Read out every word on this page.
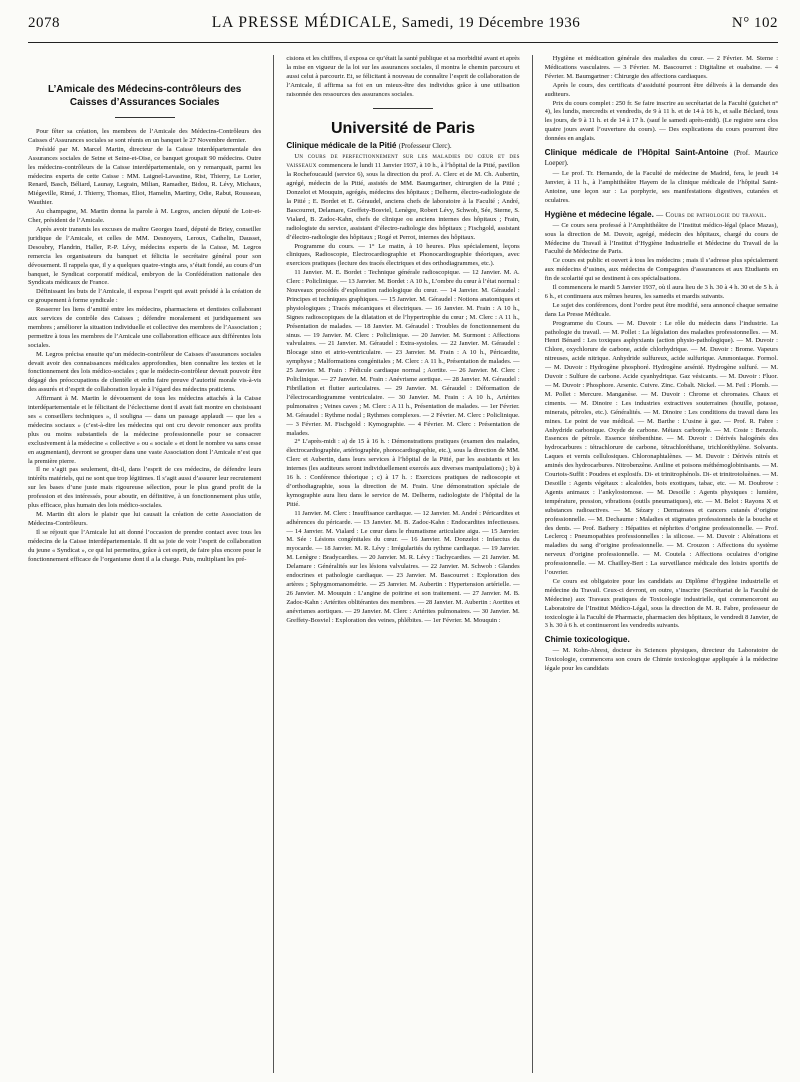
2078	LA PRESSE MÉDICALE, Samedi, 19 Décembre 1936	N° 102
L’Amicale des Médecins-contrôleurs des Caisses d’Assurances Sociales

Pour fêter sa création, les membres de l’Amicale des Médecins-Contrôleurs des Caisses d’Assurances sociales se sont réunis en un banquet le 27 Novembre dernier.

Présidé par M. Marcel Martin, directeur de la Caisse interdépartementale des Assurances sociales de Seine et Seine-et-Oise, ce banquet groupait 90 médecins. Outre les médecins-contrôleurs de la Caisse interdépartementale, on y remarquait, parmi les médecins experts de cette Caisse : MM. Laignel-Lavastine, Rist, Thierry, Le Lorier, Renard, Basch, Béliard, Launay, Legrain, Milian, Ramadier, Bidou, R. Lévy, Michaux, Miégeville, Rimé, J. Thierry, Thomas, Eliot, Hamelin, Martiny, Odie, Rabut, Rousseau, Wauthier.

Au champagne, M. Martin donna la parole à M. Legros, ancien député de Loir-et-Cher, président de l’Amicale.

Après avoir transmis les excuses de maître Georges Izard, député de Briey, conseiller juridique de l’Amicale, et celles de MM. Desnoyers, Leroux, Cathelin, Dausset, Desoubry, Flandrin, Haller, P.-P. Lévy, médecins experts de la Caisse, M. Legros remercia les organisateurs du banquet et félicita le secrétaire général pour son dévouement. Il rappela que, il y a quelques quatre-vingts ans, s’était fondé, au cours d’un banquet, le Syndicat corporatif médical, embryon de la Confédération nationale des Syndicats médicaux de France.

Définissant les buts de l’Amicale, il exposa l’esprit qui avait présidé à la création de ce groupement à forme syndicale :

Resserrer les liens d’amitié entre les médecins, pharmaciens et dentistes collaborant aux services de contrôle des Caisses ; défendre moralement et juridiquement ses membres ; améliorer la situation individuelle et collective des membres de l’Association ; permettre à tous les membres de l’Amicale une collaboration efficace aux différentes lois sociales.

M. Legros précisa ensuite qu’un médecin-contrôleur de Caisses d’assurances sociales devait avoir des connaissances médicales approfondies, bien connaître les textes et le fonctionnement des lois médico-sociales ; que le médecin-contrôleur devrait pouvoir être dégagé des préoccupations de clientèle et enfin faire preuve d’autorité morale vis-à-vis des assurés et d’esprit de collaboration loyale à l’égard des médecins praticiens.

Affirmant à M. Martin le dévouement de tous les médecins attachés à la Caisse interdépartementale et le félicitant de l’éclectisme dont il avait fait montre en choisissant ses « conseillers techniques », il souligna — dans un passage applaudi — que les « médecins sociaux » (c’est-à-dire les médecins qui ont cru devoir renoncer aux profits plus ou moins substantiels de la médecine professionnelle pour se consacrer exclusivement à la médecine « collective » ou « sociale » et dont le nombre va sans cesse en augmentant), devront se grouper dans une vaste Association dont l’Amicale n’est que la première pierre.

Il ne s’agit pas seulement, dit-il, dans l’esprit de ces médecins, de défendre leurs intérêts matériels, qui ne sont que trop légitimes. Il s’agit aussi d’assurer leur recrutement sur les bases d’une juste mais rigoureuse sélection, pour le plus grand profit de la profession et des intéressés, pour aboutir, en définitive, à un fonctionnement plus utile, plus efficace, plus humain des lois médico-sociales.

M. Martin dit alors le plaisir que lui causait la création de cette Association de Médecins-Contrôleurs.

Il se réjouit que l’Amicale lui ait donné l’occasion de prendre contact avec tous les médecins de la Caisse interdépartementale. Il dit sa joie de voir l’esprit de collaboration du jeune « Syndicat », ce qui lui permettra, grâce à cet esprit, de faire plus encore pour le fonctionnement efficace de l’organisme dont il a la charge. Puis, multipliant les pré-

cisions et les chiffres, il exposa ce qu’était la santé publique et sa morbidité avant et après la mise en vigueur de la loi sur les assurances sociales, il montra le chemin parcouru et aussi celui à parcourir. Et, se félicitant à nouveau de connaître l’esprit de collaboration de l’Amicale, il affirma sa foi en un mieux-être des individus grâce à une utilisation raisonnée des ressources des assurances sociales.

Université de Paris
Clinique médicale de la Pitié (Professeur Clerc).

Un cours de perfectionnement sur les maladies du cœur et des vaisseaux commencera le lundi 11 Janvier 1937, à 10 h., à l’hôpital de la Pitié, pavillon la Rochefoucauld (service 6), sous la direction du prof. A. Clerc et de M. Ch. Aubertin, agrégé, médecin de la Pitié, assistés de MM. Baumgartner, chirurgien de la Pitié ; Donzelot et Mouquin, agrégés, médecins des hôpitaux ; Delherm, électro-radiologiste de la Pitié ; E. Bordet et E. Géraudel, anciens chefs de laboratoire à la Faculté ; André, Bascourret, Delamare, Greffety-Bosviel, Lenègre, Robert Lévy, Schwob, Sée, Sterne, S. Vialard, B. Zadoc-Kahn, chefs de clinique ou anciens internes des hôpitaux ; Frain, radiologiste du service, assistant d’électro-radiologie des hôpitaux ; Fischgold, assistant d’électro-radiologie des hôpitaux ; Rogé et Perrot, internes des hôpitaux.

Programme du cours. — 1° Le matin, à 10 heures. Plus spécialement, leçons cliniques, Radioscopie, Electrocardiographie et Phonocardiographie théoriques, avec exercices pratiques (lecture des tracés électriques et des orthodiagrammes, etc.).

11 Janvier. M. E. Bordet : Technique générale radioscopique. — 12 Janvier. M. A. Clerc : Policlinique. — 13 Janvier. M. Bordet : A 10 h., L’ombre du cœur à l’état normal : Nouveaux procédés d’exploration radiologique du cœur. — 14 Janvier. M. Géraudel : Principes et techniques graphiques. — 15 Janvier. M. Géraudel : Notions anatomiques et physiologiques ; Tracés mécaniques et électriques. — 16 Janvier. M. Frain : A 10 h., Signes radioscopiques de la dilatation et de l’hypertrophie du cœur ; M. Clerc : A 11 h., Présentation de malades. — 18 Janvier. M. Géraudel : Troubles de fonctionnement du sinus. — 19 Janvier. M. Clerc : Policlinique. — 20 Janvier. M. Surmont : Affections valvulaires. — 21 Janvier. M. Géraudel : Extra-systoles. — 22 Janvier. M. Géraudel : Blocage sino et atrio-ventriculaire. — 23 Janvier. M. Frain : A 10 h., Péricardite, symphyse ; Malformations congénitales ; M. Clerc : A 11 h., Présentation de malades. — 25 Janvier. M. Frain : Pédicule cardiaque normal ; Aortite. — 26 Janvier. M. Clerc : Policlinique. — 27 Janvier. M. Frain : Anévrisme aortique. — 28 Janvier. M. Géraudel : Fibrillation et flutter auriculaires. — 29 Janvier. M. Géraudel : Déformation de l’électrocardiogramme ventriculaire. — 30 Janvier. M. Frain : A 10 h., Artérites pulmonaires ; Veines caves ; M. Clerc : A 11 h., Présentation de malades. — 1er Février. M. Géraudel : Rythme nodal ; Rythmes complexes. — 2 Février. M. Clerc : Policlinique. — 3 Février. M. Fischgold : Kymographie. — 4 Février. M. Clerc : Présentation de malades.

2° L’après-midi : a) de 15 à 16 h. : Démonstrations pratiques (examen des malades, électrocardiographie, artériographie, phonocardiographie, etc.), sous la direction de MM. Clerc et Aubertin, dans leurs services à l’hôpital de la Pitié, par les assistants et les internes (les auditeurs seront individuellement exercés aux diverses manipulations) ; b) à 16 h. : Conférence théorique ; c) à 17 h. : Exercices pratiques de radioscopie et d’orthodiagraphie, sous la direction de M. Frain. Une démonstration spéciale de kymographie aura lieu dans le service de M. Delherm, radiologiste de l’hôpital de la Pitié.

11 Janvier. M. Clerc : Insuffisance cardiaque. — 12 Janvier. M. André : Péricardites et adhérences du péricarde. — 13 Janvier. M. B. Zadoc-Kahn : Endocardites infectieuses. — 14 Janvier. M. Vialard : Le cœur dans le rhumatisme articulaire aigu. — 15 Janvier. M. Sée : Lésions congénitales du cœur. — 16 Janvier. M. Donzelot : Infarctus du myocarde. — 18 Janvier. M. R. Lévy : Irrégularités du rythme cardiaque. — 19 Janvier. M. Lenègre : Bradycardies. — 20 Janvier. M. R. Lévy : Tachycardies. — 21 Janvier. M. Delamare : Généralités sur les lésions valvulaires. — 22 Janvier. M. Schwob : Glandes endocrines et pathologie cardiaque. — 23 Janvier. M. Bascourret : Exploration des artères ; Sphygmomanométrie. — 25 Janvier. M. Aubertin : Hypertension artérielle. — 26 Janvier. M. Mouquin : L’angine de poitrine et son traitement. — 27 Janvier. M. B. Zadoc-Kahn : Artérites oblitérantes des membres. — 28 Janvier. M. Aubertin : Aortites et anévrismes aortiques. — 29 Janvier. M. Clerc : Artérites pulmonaires. — 30 Janvier. M. Greffety-Bosviel : Exploration des veines, phlébites. — 1er Février. M. Mouquin :

Hygiène et médication générale des maladies du cœur. — 2 Février. M. Sterne : Médications vasculaires. — 3 Février. M. Bascourret : Digitaline et ouabaïne. — 4 Février. M. Baumgartner : Chirurgie des affections cardiaques.

Après le cours, des certificats d’assiduité pourront être délivrés à la demande des auditeurs.

Prix du cours complet : 250 fr. Se faire inscrire au secrétariat de la Faculté (guichet n° 4), les lundis, mercredis et vendredis, de 9 à 11 h. et de 14 à 16 h., et salle Béclard, tous les jours, de 9 à 11 h. et de 14 à 17 h. (sauf le samedi après-midi). (Le registre sera clos quatre jours avant l’ouverture du cours). — Des explications du cours pourront être données en anglais.

Clinique médicale de l’Hôpital Saint-Antoine (Prof. Maurice Loeper).

— Le prof. Tr. Hernando, de la Faculté de médecine de Madrid, fera, le jeudi 14 Janvier, à 11 h., à l’amphithéâtre Hayem de la clinique médicale de l’hôpital Saint-Antoine, une leçon sur : La porphyrie, ses manifestations digestives, cutanées et oculaires.

Hygiène et médecine légale. — Cours de pathologie du travail.

— Ce cours sera professé à l’Amphithéâtre de l’Institut médico-légal (place Mazas), sous la direction de M. Duvoir, agrégé, médecin des hôpitaux, chargé du cours de Médecine du Travail à l’Institut d’Hygiène Industrielle et Médecine du Travail de la Faculté de Médecine de Paris.

Ce cours est public et ouvert à tous les médecins ; mais il s’adresse plus spécialement aux médecins d’usines, aux médecins de Compagnies d’assurances et aux Etudiants en fin de scolarité qui se destinent à ces spécialisations.

Il commencera le mardi 5 Janvier 1937, où il aura lieu de 3 h. 30 à 4 h. 30 et de 5 h. à 6 h., et continuera aux mêmes heures, les samedis et mardis suivants.

Le sujet des conférences, dont l’ordre peut être modifié, sera annoncé chaque semaine dans La Presse Médicale.

Programme du Cours. — M. Duvoir : Le rôle du médecin dans l’industrie. La pathologie du travail. — M. Pollet : La législation des maladies professionnelles. — M. Henri Bénard : Les toxiques asphyxiants (action physio-pathologique). — M. Duvoir : Chlore, oxychlorure de carbone, acide chlorhydrique. — M. Duvoir : Brome. Vapeurs nitreuses, acide nitrique. Anhydride sulfureux, acide sulfurique. Ammoniaque. Formol. — M. Duvoir : Hydrogène phosphoré. Hydrogène arsénié. Hydrogène sulfuré. — M. Duvoir : Sulfure de carbone. Acide cyanhydrique. Gaz vésicants. — M. Duvoir : Fluor. — M. Duvoir : Phosphore. Arsenic. Cuivre. Zinc. Cobalt. Nickel. — M. Feil : Plomb. — M. Pollet : Mercure. Manganèse. — M. Duvoir : Chrome et chromates. Chaux et ciments. — M. Dinoire : Les industries extractives souterraines (houille, potasse, minerais, pétroles, etc.). Généralités. — M. Dinoire : Les conditions du travail dans les mines. Le point de vue médical. — M. Barthe : L’usine à gaz. — Prof. R. Fabre : Anhydride carbonique. Oxyde de carbone. Métaux carbonyle. — M. Coste : Benzols. Essences de pétrole. Essence térébenthine. — M. Duvoir : Dérivés halogénés des hydrocarbures : tétrachlorure de carbone, tétrachloréthane, trichloréthylène. Solvants. Laques et vernis cellulosiques. Chloronaphtalènes. — M. Duvoir : Dérivés nitrés et aminés des hydrocarbures. Nitrobenzène. Aniline et poisons méthémoglobinisants. — M. Courtois-Suffit : Poudres et explosifs. Di- et trinitrophénols. Di- et trinitrotoluènes. — M. Desoille : Agents végétaux : alcaloïdes, bois exotiques, tabac, etc. — M. Doubrow : Agents animaux : l’ankylostomose. — M. Desoille : Agents physiques : lumière, température, pression, vibrations (outils pneumatiques), etc. — M. Belot : Rayons X et substances radioactives. — M. Sézary : Dermatoses et cancers cutanés d’origine professionnelle. — M. Dechaume : Maladies et stigmates professionnels de la bouche et des dents. — Prof. Bathery : Hépatites et néphrites d’origine professionnelle. — Prof. Leclercq : Pneumopathies professionnelles : la silicose. — M. Duvoir : Altérations et maladies du sang d’origine professionnelle. — M. Crouzon : Affections du système nerveux d’origine professionnelle. — M. Coutela : Affections oculaires d’origine professionnelle. — M. Chailley-Bert : La surveillance médicale des loisirs sportifs de l’ouvrier.

Ce cours est obligatoire pour les candidats au Diplôme d’hygiène industrielle et médecine du Travail. Ceux-ci devront, en outre, s’inscrire (Secrétariat de la Faculté de Médecine) aux Travaux pratiques de Toxicologie industrielle, qui commenceront au Laboratoire de l’Institut Médico-Légal, sous la direction de M. R. Fabre, professeur de toxicologie à la Faculté de Pharmacie, pharmacien des hôpitaux, le vendredi 8 Janvier, de 3 h. 30 à 6 h. et continueront les vendredis suivants.

Chimie toxicologique.

— M. Kohn-Abrest, docteur ès Sciences physiques, directeur du Laboratoire de Toxicologie, commencera son cours de Chimie toxicologique appliquée à la médecine légale pour les candidats
